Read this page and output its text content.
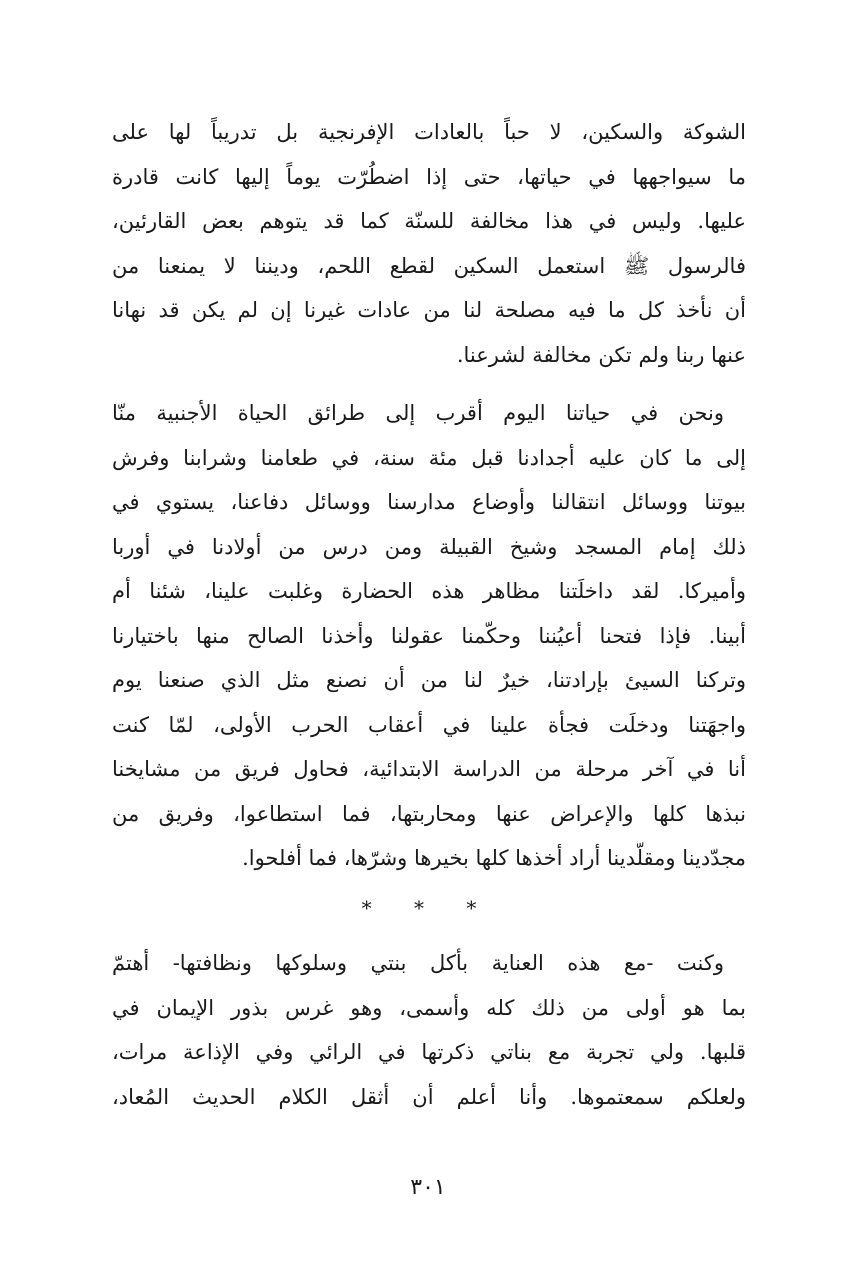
الشوكة والسكين، لا حباً بالعادات الإفرنجية بل تدريباً لها على
ما سيواجهها في حياتها، حتى إذا اضطُرّت يوماً إليها كانت قادرة
عليها. وليس في هذا مخالفة للسنّة كما قد يتوهم بعض القارئين،
فالرسول ﷺ استعمل السكين لقطع اللحم، وديننا لا يمنعنا من
أن نأخذ كل ما فيه مصلحة لنا من عادات غيرنا إن لم يكن قد نهانا
عنها ربنا ولم تكن مخالفة لشرعنا.
ونحن في حياتنا اليوم أقرب إلى طرائق الحياة الأجنبية منّا
إلى ما كان عليه أجدادنا قبل مئة سنة، في طعامنا وشرابنا وفرش
بيوتنا ووسائل انتقالنا وأوضاع مدارسنا ووسائل دفاعنا، يستوي في
ذلك إمام المسجد وشيخ القبيلة ومن درس من أولادنا في أوربا
وأميركا. لقد داخلَتنا مظاهر هذه الحضارة وغلبت علينا، شئنا أم
أبينا. فإذا فتحنا أعيُننا وحكّمنا عقولنا وأخذنا الصالح منها باختيارنا
وتركنا السيئ بإرادتنا، خيرٌ لنا من أن نصنع مثل الذي صنعنا يوم
واجهَتنا ودخلَت فجأة علينا في أعقاب الحرب الأولى، لمّا كنت
أنا في آخر مرحلة من الدراسة الابتدائية، فحاول فريق من مشايخنا
نبذها كلها والإعراض عنها ومحاربتها، فما استطاعوا، وفريق من
مجدّدينا ومقلّدينا أراد أخذها كلها بخيرها وشرّها، فما أفلحوا.
* * *
وكنت -مع هذه العناية بأكل بنتي وسلوكها ونظافتها- أهتمّ
بما هو أولى من ذلك كله وأسمى، وهو غرس بذور الإيمان في
قلبها. ولي تجربة مع بناتي ذكرتها في الرائي وفي الإذاعة مرات،
ولعلكم سمعتموها. وأنا أعلم أن أثقل الكلام الحديث المُعاد،
٣٠١
